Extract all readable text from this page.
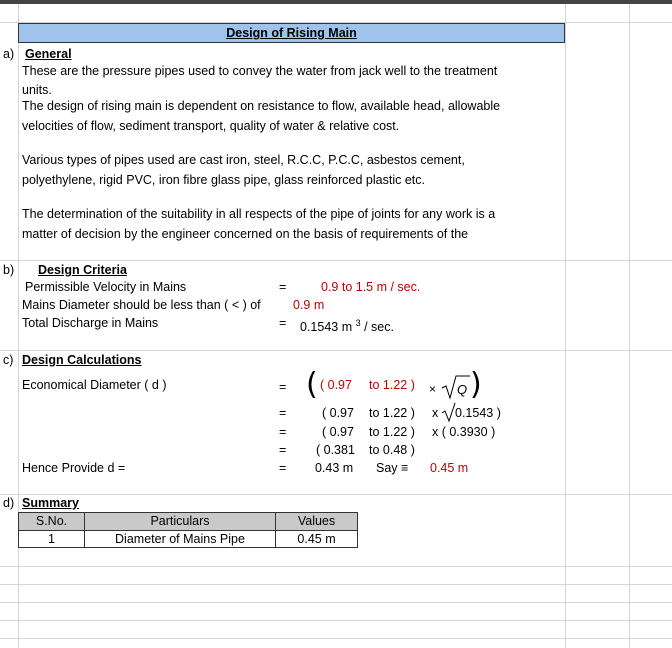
Design of Rising Main
a) General
These are the pressure pipes used to convey the water from jack well to the treatment
units.
The design of rising main is dependent on resistance to flow, available head, allowable
velocities of flow, sediment transport, quality of water & relative cost.
Various types of pipes used are cast iron, steel, R.C.C, P.C.C, asbestos cement,
polyethylene, rigid PVC, iron fibre glass pipe, glass reinforced plastic etc.
The determination of the suitability in all respects of the pipe of joints for any work is a
matter of decision by the engineer concerned on the basis of requirements of the
b) Design Criteria
Permissible Velocity in Mains	=	0.9 to 1.5 m / sec.
Mains Diameter should be less than ( < ) of	0.9 m
Total Discharge in Mains	= 0.1543 m $^3$ / sec.
c) Design Calculations
Economical Diameter ( d )	= ( ( 0.97 to 1.22 ) × Q )
=	( 0.97 to 1.22 ) x 0.1543 )
=	( 0.97 to 1.22 ) x ( 0.3930 )
= ( 0.381 to 0.48 )
Hence Provide d =	= 0.43 m Say ≡ 0.45 m
d) Summary
S.No.	Particulars	Values
1	Diameter of Mains Pipe	0.45 m
